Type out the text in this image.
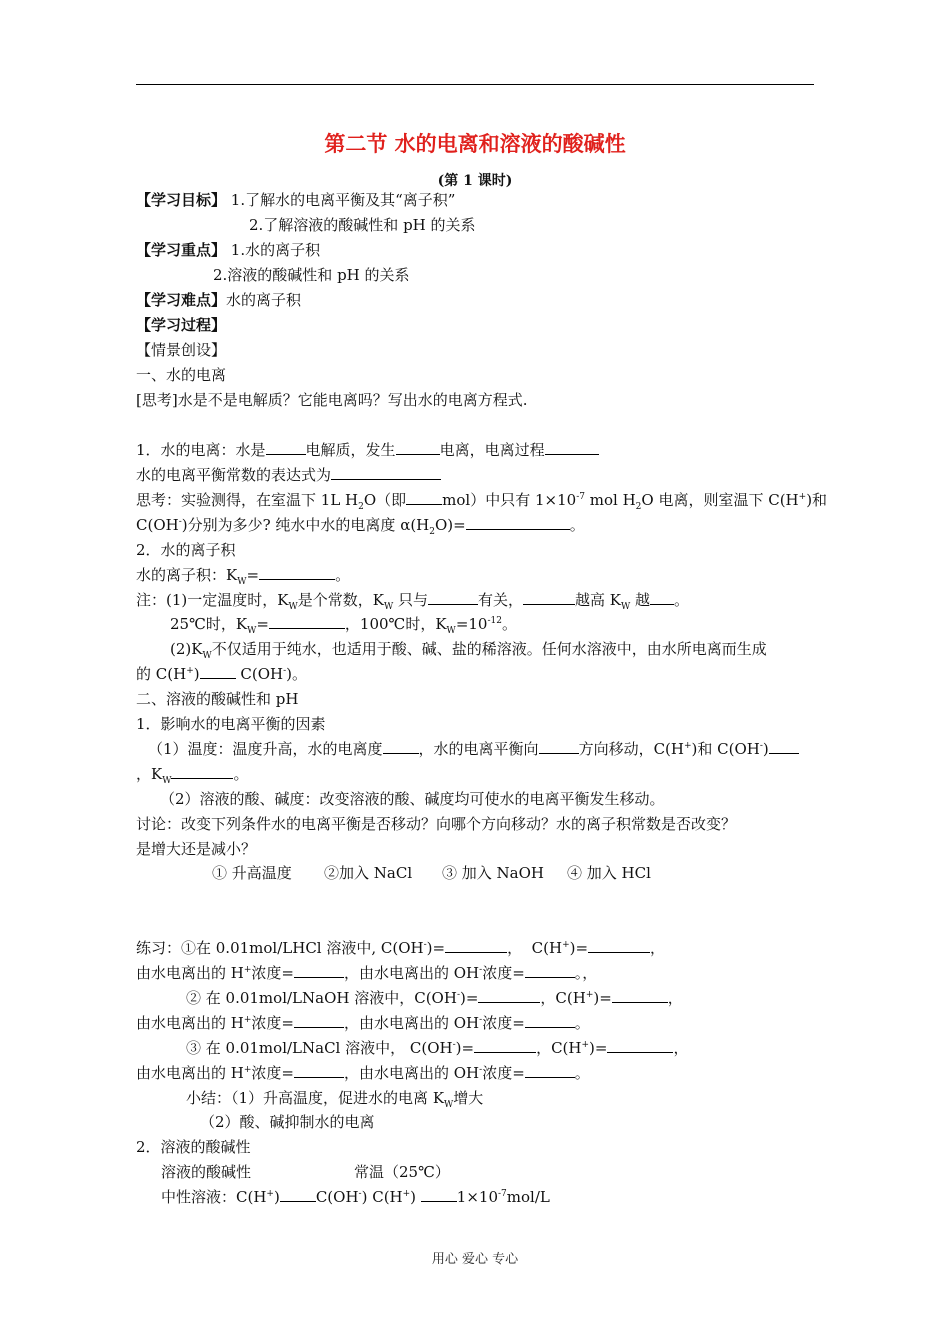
第二节 水的电离和溶液的酸碱性
(第 1 课时)
【学习目标】 1.了解水的电离平衡及其“离子积”
2.了解溶液的酸碱性和 pH 的关系
【学习重点】 1.水的离子积
2.溶液的酸碱性和 pH 的关系
【学习难点】水的离子积
【学习过程】
【情景创设】
一、水的电离
[思考]水是不是电解质？它能电离吗？写出水的电离方程式.
1．水的电离：水是	电解质，发生	电离，电离过程
水的电离平衡常数的表达式为
思考：实验测得，在室温下 1L $H_2O$（即 mol）中只有 $1\times 10^{-7}$ mol $H_2O$ 电离，则室温下 C(H+)和
C(OH-)分别为多少? 纯水中水的电离度 $\alpha(H_2O)=$	。
2．水的离子积
水的离子积：$K_W=$	。
注：(1)一定温度时，$K_W$是个常数，$K_W$ 只与	有关，	越高 $K_W$ 越 。
25℃时，$K_W=$	，100℃时，$K_W=10^{-12}$。
$(2)K_W$不仅适用于纯水，也适用于酸、碱、盐的稀溶液。任何水溶液中，由水所电离而生成
的 C(H+) C(OH-)。
二、溶液的酸碱性和 pH
1．影响水的电离平衡的因素
（1）温度：温度升高，水的电离度 ，水的电离平衡向	方向移动，C(H+)和 C(OH-)
，$K_W$	。
（2）溶液的酸、碱度：改变溶液的酸、碱度均可使水的电离平衡发生移动。
讨论：改变下列条件水的电离平衡是否移动？向哪个方向移动？水的离子积常数是否改变？
是增大还是减小？
① 升高温度 ②加入 NaCl ③ 加入 NaOH ④ 加入 HCl
练习：①在 0.01mol/LHCl 溶液中, C(OH-)=	， C(H+)=	，
由水电离出的 H+浓度=	，由水电离出的 OH-浓度=	。，
② 在 0.01mol/LNaOH 溶液中，C(OH-)=	，C(H+)=	，
由水电离出的 H+浓度=	，由水电离出的 OH-浓度=	。
③ 在 0.01mol/LNaCl 溶液中， C(OH-)=	，C(H+)=	，
由水电离出的 H+浓度=	，由水电离出的 OH-浓度=	。
小结：（1）升高温度，促进水的电离 $K_W$增大
（2）酸、碱抑制水的电离
2．溶液的酸碱性
溶液的酸碱性	常温（25℃）
中性溶液：C(H+) C(OH-) C(H+) $1\times 10^{-7}mol/L$
用心 爱心 专心
